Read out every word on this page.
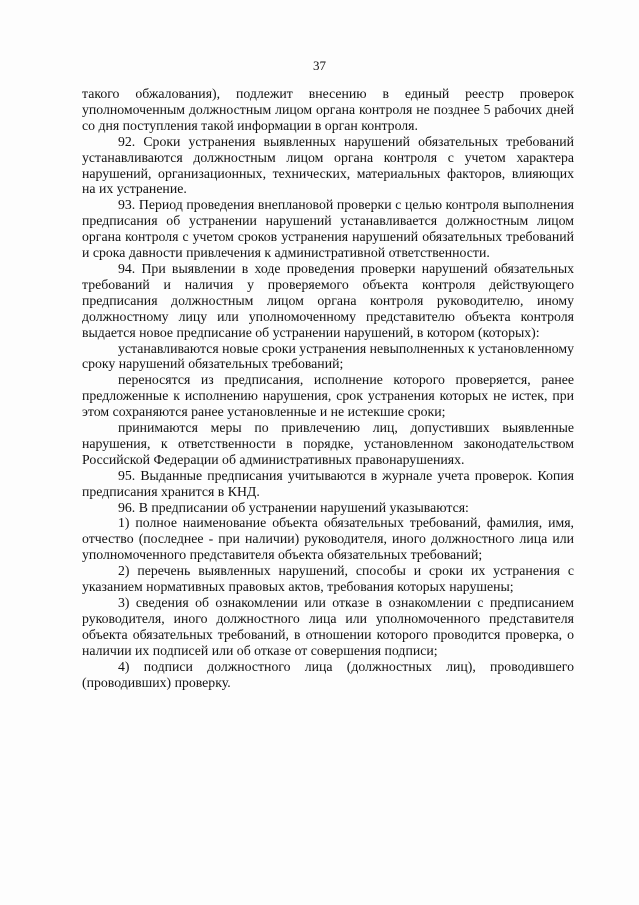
37

такого обжалования), подлежит внесению в единый реестр проверок уполномоченным должностным лицом органа контроля не позднее 5 рабочих дней со дня поступления такой информации в орган контроля.

92. Сроки устранения выявленных нарушений обязательных требований устанавливаются должностным лицом органа контроля с учетом характера нарушений, организационных, технических, материальных факторов, влияющих на их устранение.

93. Период проведения внеплановой проверки с целью контроля выполнения предписания об устранении нарушений устанавливается должностным лицом органа контроля с учетом сроков устранения нарушений обязательных требований и срока давности привлечения к административной ответственности.

94. При выявлении в ходе проведения проверки нарушений обязательных требований и наличия у проверяемого объекта контроля действующего предписания должностным лицом органа контроля руководителю, иному должностному лицу или уполномоченному представителю объекта контроля выдается новое предписание об устранении нарушений, в котором (которых):

устанавливаются новые сроки устранения невыполненных к установленному сроку нарушений обязательных требований;

переносятся из предписания, исполнение которого проверяется, ранее предложенные к исполнению нарушения, срок устранения которых не истек, при этом сохраняются ранее установленные и не истекшие сроки;

принимаются меры по привлечению лиц, допустивших выявленные нарушения, к ответственности в порядке, установленном законодательством Российской Федерации об административных правонарушениях.

95. Выданные предписания учитываются в журнале учета проверок. Копия предписания хранится в КНД.

96. В предписании об устранении нарушений указываются:

1) полное наименование объекта обязательных требований, фамилия, имя, отчество (последнее - при наличии) руководителя, иного должностного лица или уполномоченного представителя объекта обязательных требований;

2) перечень выявленных нарушений, способы и сроки их устранения с указанием нормативных правовых актов, требования которых нарушены;

3) сведения об ознакомлении или отказе в ознакомлении с предписанием руководителя, иного должностного лица или уполномоченного представителя объекта обязательных требований, в отношении которого проводится проверка, о наличии их подписей или об отказе от совершения подписи;

4) подписи должностного лица (должностных лиц), проводившего (проводивших) проверку.
